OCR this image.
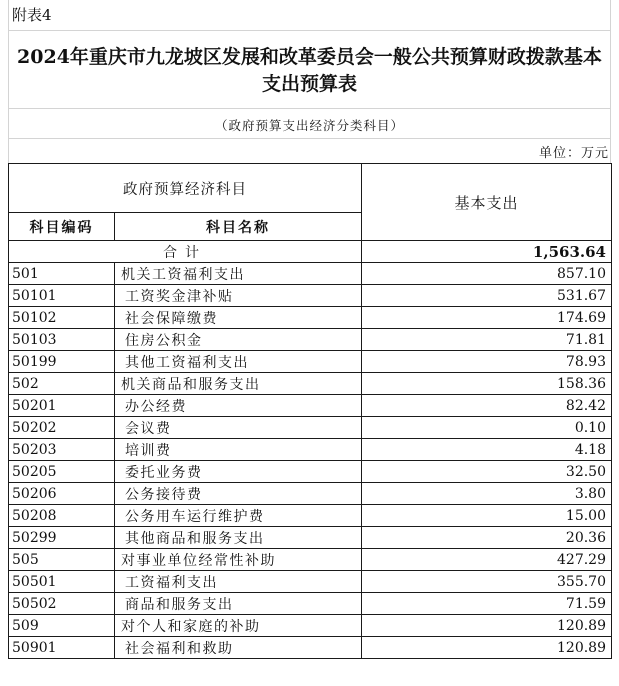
附表4
2024年重庆市九龙坡区发展和改革委员会一般公共预算财政拨款基本支出预算表
（政府预算支出经济分类科目）
单位：万元
政府预算经济科目		基本支出
科目编码	科目名称	
合计		1,563.64
501	机关工资福利支出	857.10
50101	工资奖金津补贴	531.67
50102	社会保障缴费	174.69
50103	住房公积金	71.81
50199	其他工资福利支出	78.93
502	机关商品和服务支出	158.36
50201	办公经费	82.42
50202	会议费	0.10
50203	培训费	4.18
50205	委托业务费	32.50
50206	公务接待费	3.80
50208	公务用车运行维护费	15.00
50299	其他商品和服务支出	20.36
505	对事业单位经常性补助	427.29
50501	工资福利支出	355.70
50502	商品和服务支出	71.59
509	对个人和家庭的补助	120.89
50901	社会福利和救助	120.89
